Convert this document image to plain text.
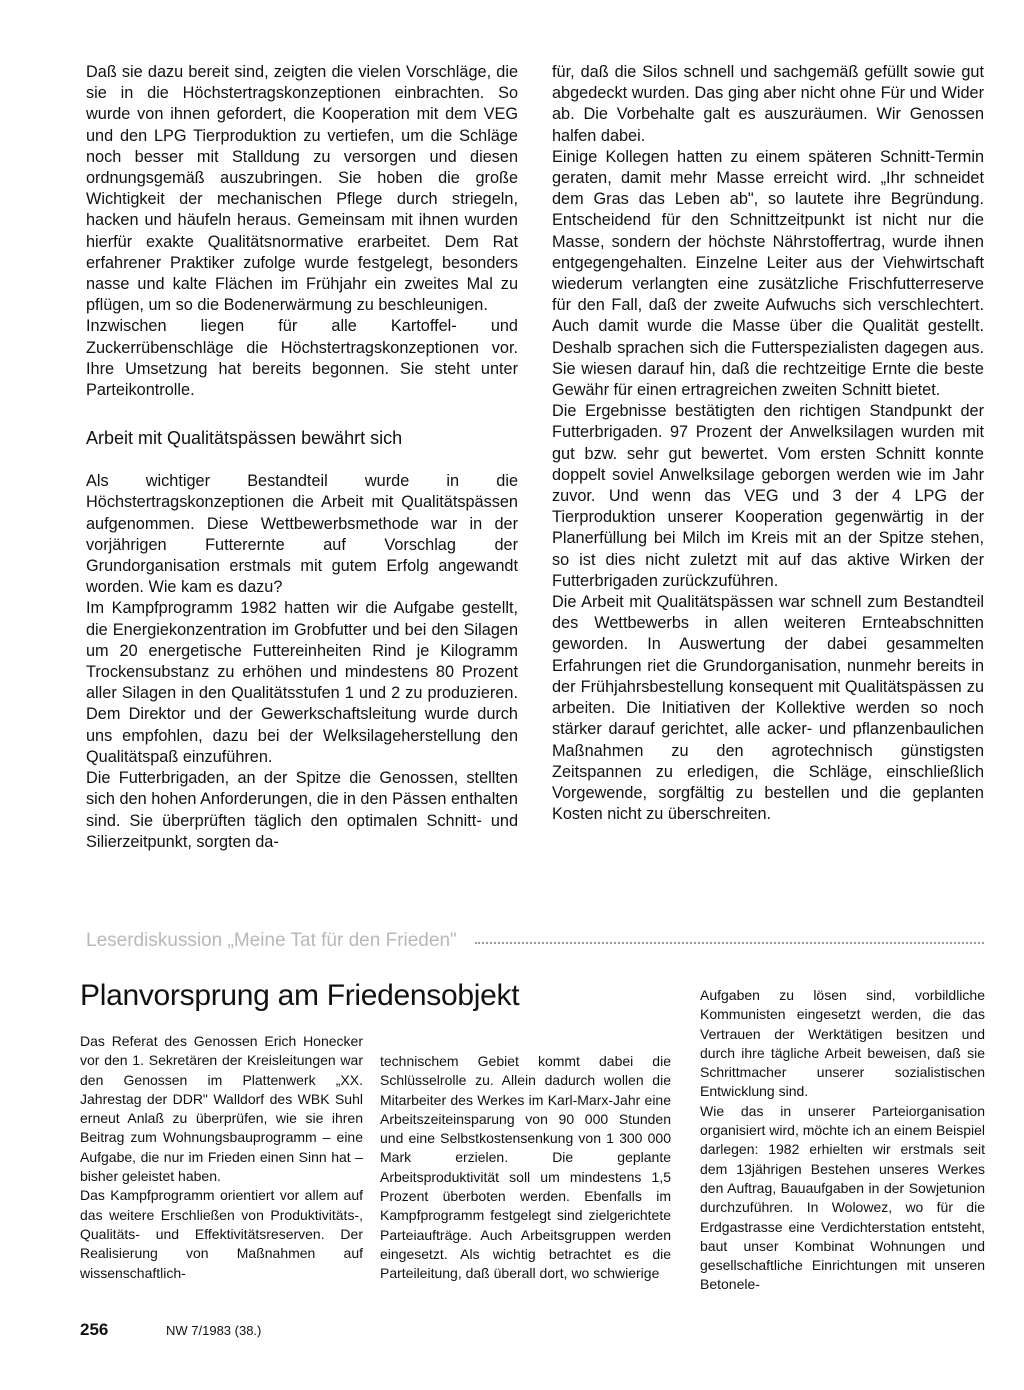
Daß sie dazu bereit sind, zeigten die vielen Vorschläge, die sie in die Höchstertragskonzeptionen einbrachten. So wurde von ihnen gefordert, die Kooperation mit dem VEG und den LPG Tierproduktion zu vertiefen, um die Schläge noch besser mit Stalldung zu versorgen und diesen ordnungsgemäß auszubringen. Sie hoben die große Wichtigkeit der mechanischen Pflege durch striegeln, hacken und häufeln heraus. Gemeinsam mit ihnen wurden hierfür exakte Qualitätsnormative erarbeitet. Dem Rat erfahrener Praktiker zufolge wurde festgelegt, besonders nasse und kalte Flächen im Frühjahr ein zweites Mal zu pflügen, um so die Bodenerwärmung zu beschleunigen.

Inzwischen liegen für alle Kartoffel- und Zuckerrübenschläge die Höchstertragskonzeptionen vor. Ihre Umsetzung hat bereits begonnen. Sie steht unter Parteikontrolle.

Arbeit mit Qualitätspässen bewährt sich

Als wichtiger Bestandteil wurde in die Höchstertragskonzeptionen die Arbeit mit Qualitätspässen aufgenommen. Diese Wettbewerbsmethode war in der vorjährigen Futterernte auf Vorschlag der Grundorganisation erstmals mit gutem Erfolg angewandt worden. Wie kam es dazu?

Im Kampfprogramm 1982 hatten wir die Aufgabe gestellt, die Energiekonzentration im Grobfutter und bei den Silagen um 20 energetische Futtereinheiten Rind je Kilogramm Trockensubstanz zu erhöhen und mindestens 80 Prozent aller Silagen in den Qualitätsstufen 1 und 2 zu produzieren. Dem Direktor und der Gewerkschaftsleitung wurde durch uns empfohlen, dazu bei der Welksilageherstellung den Qualitätspaß einzuführen.

Die Futterbrigaden, an der Spitze die Genossen, stellten sich den hohen Anforderungen, die in den Pässen enthalten sind. Sie überprüften täglich den optimalen Schnitt- und Silierzeitpunkt, sorgten da-

für, daß die Silos schnell und sachgemäß gefüllt sowie gut abgedeckt wurden. Das ging aber nicht ohne Für und Wider ab. Die Vorbehalte galt es auszuräumen. Wir Genossen halfen dabei.

Einige Kollegen hatten zu einem späteren Schnitt-Termin geraten, damit mehr Masse erreicht wird. „Ihr schneidet dem Gras das Leben ab", so lautete ihre Begründung. Entscheidend für den Schnittzeitpunkt ist nicht nur die Masse, sondern der höchste Nährstoffertrag, wurde ihnen entgegengehalten. Einzelne Leiter aus der Viehwirtschaft wiederum verlangten eine zusätzliche Frischfutterreserve für den Fall, daß der zweite Aufwuchs sich verschlechtert. Auch damit wurde die Masse über die Qualität gestellt. Deshalb sprachen sich die Futterspezialisten dagegen aus. Sie wiesen darauf hin, daß die rechtzeitige Ernte die beste Gewähr für einen ertragreichen zweiten Schnitt bietet.

Die Ergebnisse bestätigten den richtigen Standpunkt der Futterbrigaden. 97 Prozent der Anwelksilagen wurden mit gut bzw. sehr gut bewertet. Vom ersten Schnitt konnte doppelt soviel Anwelksilage geborgen werden wie im Jahr zuvor. Und wenn das VEG und 3 der 4 LPG der Tierproduktion unserer Kooperation gegenwärtig in der Planerfüllung bei Milch im Kreis mit an der Spitze stehen, so ist dies nicht zuletzt mit auf das aktive Wirken der Futterbrigaden zurückzuführen.

Die Arbeit mit Qualitätspässen war schnell zum Bestandteil des Wettbewerbs in allen weiteren Ernteabschnitten geworden. In Auswertung der dabei gesammelten Erfahrungen riet die Grundorganisation, nunmehr bereits in der Frühjahrsbestellung konsequent mit Qualitätspässen zu arbeiten. Die Initiativen der Kollektive werden so noch stärker darauf gerichtet, alle acker- und pflanzenbaulichen Maßnahmen zu den agrotechnisch günstigsten Zeitspannen zu erledigen, die Schläge, einschließlich Vorgewende, sorgfältig zu bestellen und die geplanten Kosten nicht zu überschreiten.

Leserdiskussion „Meine Tat für den Frieden"
Planvorsprung am Friedensobjekt

Das Referat des Genossen Erich Honecker vor den 1. Sekretären der Kreisleitungen war den Genossen im Plattenwerk „XX. Jahrestag der DDR" Walldorf des WBK Suhl erneut Anlaß zu überprüfen, wie sie ihren Beitrag zum Wohnungsbauprogramm – eine Aufgabe, die nur im Frieden einen Sinn hat – bisher geleistet haben.

Das Kampfprogramm orientiert vor allem auf das weitere Erschließen von Produktivitäts-, Qualitäts- und Effektivitätsreserven. Der Realisierung von Maßnahmen auf wissenschaftlich-

technischem Gebiet kommt dabei die Schlüsselrolle zu. Allein dadurch wollen die Mitarbeiter des Werkes im Karl-Marx-Jahr eine Arbeitszeiteinsparung von 90 000 Stunden und eine Selbstkostensenkung von 1 300 000 Mark erzielen. Die geplante Arbeitsproduktivität soll um mindestens 1,5 Prozent überboten werden. Ebenfalls im Kampfprogramm festgelegt sind zielgerichtete Parteiaufträge. Auch Arbeitsgruppen werden eingesetzt. Als wichtig betrachtet es die Parteileitung, daß überall dort, wo schwierige

Aufgaben zu lösen sind, vorbildliche Kommunisten eingesetzt werden, die das Vertrauen der Werktätigen besitzen und durch ihre tägliche Arbeit beweisen, daß sie Schrittmacher unserer sozialistischen Entwicklung sind.

Wie das in unserer Parteiorganisation organisiert wird, möchte ich an einem Beispiel darlegen: 1982 erhielten wir erstmals seit dem 13jährigen Bestehen unseres Werkes den Auftrag, Bauaufgaben in der Sowjetunion durchzuführen. In Wolowez, wo für die Erdgastrasse eine Verdichterstation entsteht, baut unser Kombinat Wohnungen und gesellschaftliche Einrichtungen mit unseren Betonele-

256	NW 7/1983 (38.)
